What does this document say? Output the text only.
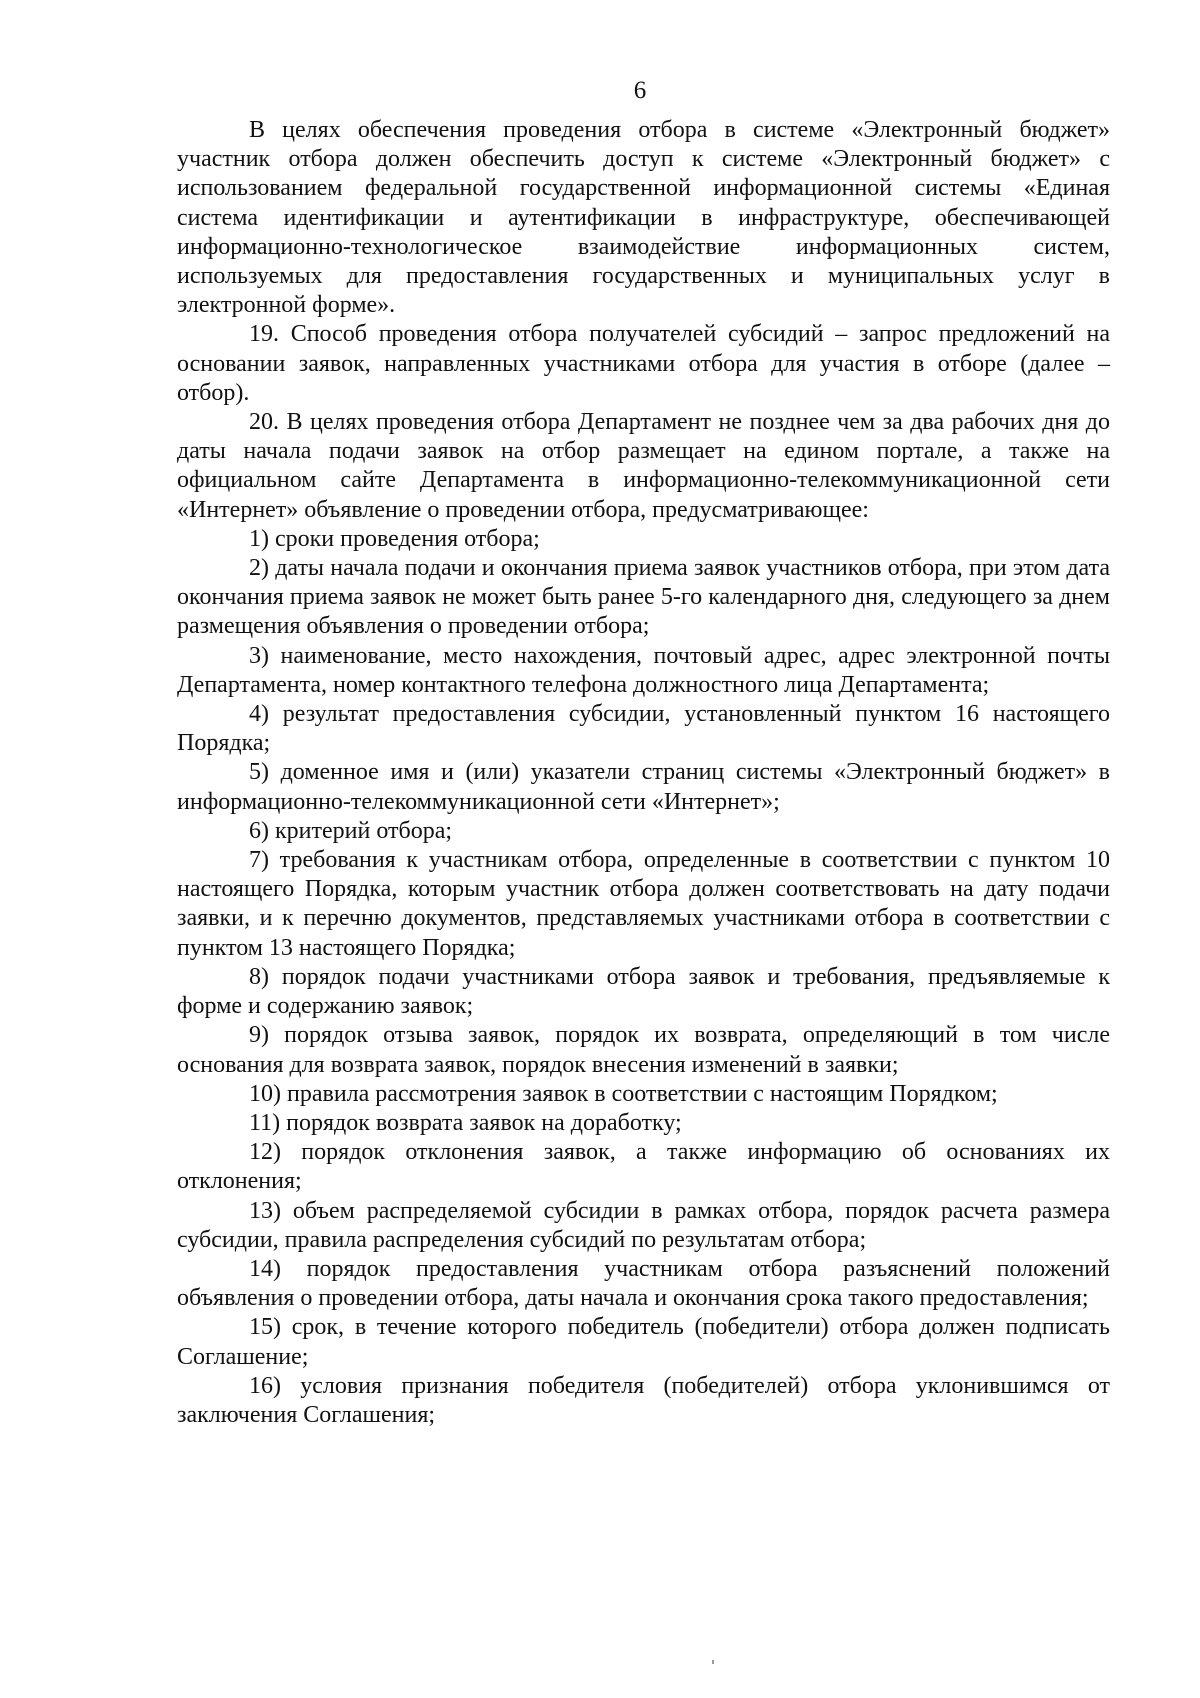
6

В целях обеспечения проведения отбора в системе «Электронный бюджет» участник отбора должен обеспечить доступ к системе «Электронный бюджет» с использованием федеральной государственной информационной системы «Единая система идентификации и аутентификации в инфраструктуре, обеспечивающей информационно-технологическое взаимодействие информационных систем, используемых для предоставления государственных и муниципальных услуг в электронной форме».

19. Способ проведения отбора получателей субсидий – запрос предложений на основании заявок, направленных участниками отбора для участия в отборе (далее – отбор).

20. В целях проведения отбора Департамент не позднее чем за два рабочих дня до даты начала подачи заявок на отбор размещает на едином портале, а также на официальном сайте Департамента в информационно-телекоммуникационной сети «Интернет» объявление о проведении отбора, предусматривающее:

1) сроки проведения отбора;

2) даты начала подачи и окончания приема заявок участников отбора, при этом дата окончания приема заявок не может быть ранее 5-го календарного дня, следующего за днем размещения объявления о проведении отбора;

3) наименование, место нахождения, почтовый адрес, адрес электронной почты Департамента, номер контактного телефона должностного лица Департамента;

4) результат предоставления субсидии, установленный пунктом 16 настоящего Порядка;

5) доменное имя и (или) указатели страниц системы «Электронный бюджет» в информационно-телекоммуникационной сети «Интернет»;

6) критерий отбора;

7) требования к участникам отбора, определенные в соответствии с пунктом 10 настоящего Порядка, которым участник отбора должен соответствовать на дату подачи заявки, и к перечню документов, представляемых участниками отбора в соответствии с пунктом 13 настоящего Порядка;

8) порядок подачи участниками отбора заявок и требования, предъявляемые к форме и содержанию заявок;

9) порядок отзыва заявок, порядок их возврата, определяющий в том числе основания для возврата заявок, порядок внесения изменений в заявки;

10) правила рассмотрения заявок в соответствии с настоящим Порядком;

11) порядок возврата заявок на доработку;

12) порядок отклонения заявок, а также информацию об основаниях их отклонения;

13) объем распределяемой субсидии в рамках отбора, порядок расчета размера субсидии, правила распределения субсидий по результатам отбора;

14) порядок предоставления участникам отбора разъяснений положений объявления о проведении отбора, даты начала и окончания срока такого предоставления;

15) срок, в течение которого победитель (победители) отбора должен подписать Соглашение;

16) условия признания победителя (победителей) отбора уклонившимся от заключения Соглашения;
